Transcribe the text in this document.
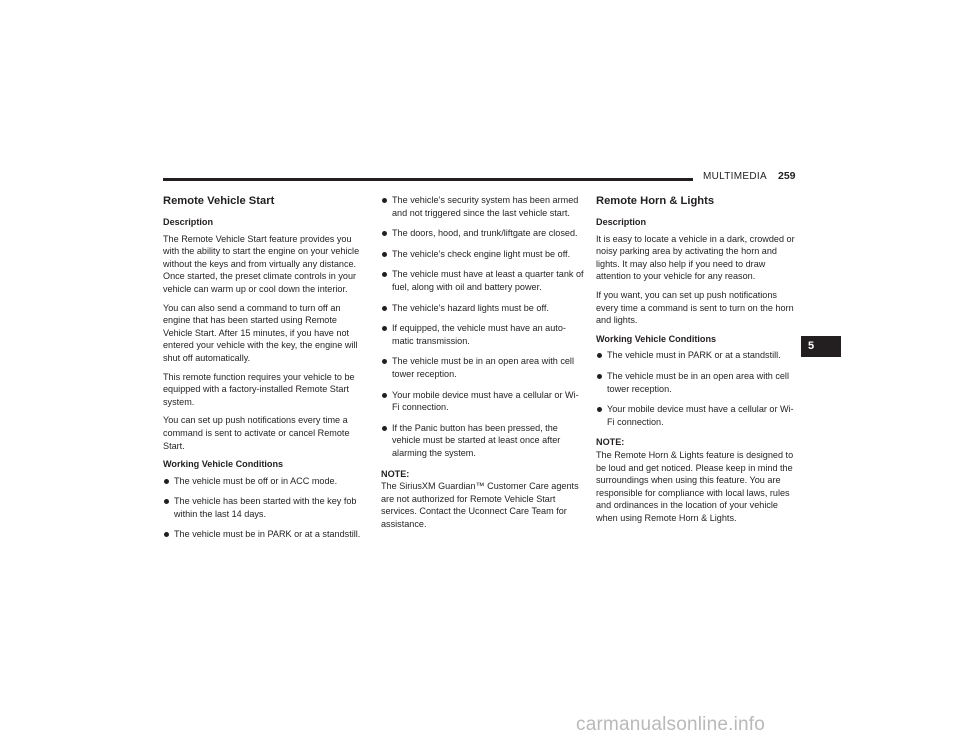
MULTIMEDIA 259
5
Remote Vehicle Start
Description

The Remote Vehicle Start feature provides you with the ability to start the engine on your vehicle without the keys and from virtually any distance. Once started, the preset climate controls in your vehicle can warm up or cool down the interior.

You can also send a command to turn off an engine that has been started using Remote Vehicle Start. After 15 minutes, if you have not entered your vehicle with the key, the engine will shut off automatically.

This remote function requires your vehicle to be equipped with a factory-installed Remote Start system.

You can set up push notifications every time a command is sent to activate or cancel Remote Start.

Working Vehicle Conditions
The vehicle must be off or in ACC mode.
The vehicle has been started with the key fob within the last 14 days.
The vehicle must be in PARK or at a standstill.
The vehicle’s security system has been armed and not triggered since the last vehicle start.
The doors, hood, and trunk/liftgate are closed.
The vehicle’s check engine light must be off.
The vehicle must have at least a quarter tank of fuel, along with oil and battery power.
The vehicle’s hazard lights must be off.
If equipped, the vehicle must have an auto-matic transmission.
The vehicle must be in an open area with cell tower reception.
Your mobile device must have a cellular or Wi-Fi connection.
If the Panic button has been pressed, the vehicle must be started at least once after alarming the system.
NOTE:

The SiriusXM Guardian™ Customer Care agents are not authorized for Remote Vehicle Start services. Contact the Uconnect Care Team for assistance.

Remote Horn & Lights
Description

It is easy to locate a vehicle in a dark, crowded or noisy parking area by activating the horn and lights. It may also help if you need to draw attention to your vehicle for any reason.

If you want, you can set up push notifications every time a command is sent to turn on the horn and lights.

Working Vehicle Conditions
The vehicle must in PARK or at a standstill.
The vehicle must be in an open area with cell tower reception.
Your mobile device must have a cellular or Wi-Fi connection.
NOTE:

The Remote Horn & Lights feature is designed to be loud and get noticed. Please keep in mind the surroundings when using this feature. You are responsible for compliance with local laws, rules and ordinances in the location of your vehicle when using Remote Horn & Lights.

carmanualsonline.info
